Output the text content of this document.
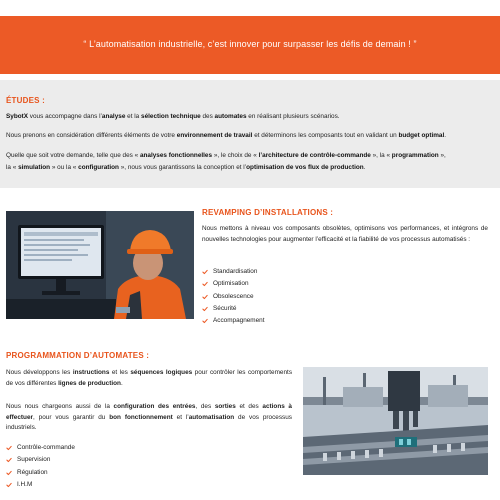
“ L’automatisation industrielle, c’est innover pour surpasser les défis de demain ! ”
ÉTUDES :
SybotX vous accompagne dans l’analyse et la sélection technique des automates en réalisant plusieurs scénarios.
Nous prenons en considération différents éléments de votre environnement de travail et déterminons les composants tout en validant un budget optimal.
Quelle que soit votre demande, telle que des « analyses fonctionnelles », le choix de « l’architecture de contrôle-commande », la « programmation »,
la « simulation » ou la « configuration », nous vous garantissons la conception et l’optimisation de vos flux de production.
REVAMPING D’INSTALLATIONS :
Nous mettons à niveau vos composants obsolètes, optimisons vos performances, et intégrons de nouvelles technologies pour augmenter l’efficacité et la fiabilité de vos processus automatisés :
Standardisation
Optimisation
Obsolescence
Sécurité
Accompagnement
PROGRAMMATION D’AUTOMATES :
Nous développons les instructions et les séquences logiques pour contrôler les comportements de vos différentes lignes de production.
Nous nous chargeons aussi de la configuration des entrées, des sorties et des actions à effectuer, pour vous garantir du bon fonctionnement et l’automatisation de vos processus industriels.
Contrôle-commande
Supervision
Régulation
I.H.M
